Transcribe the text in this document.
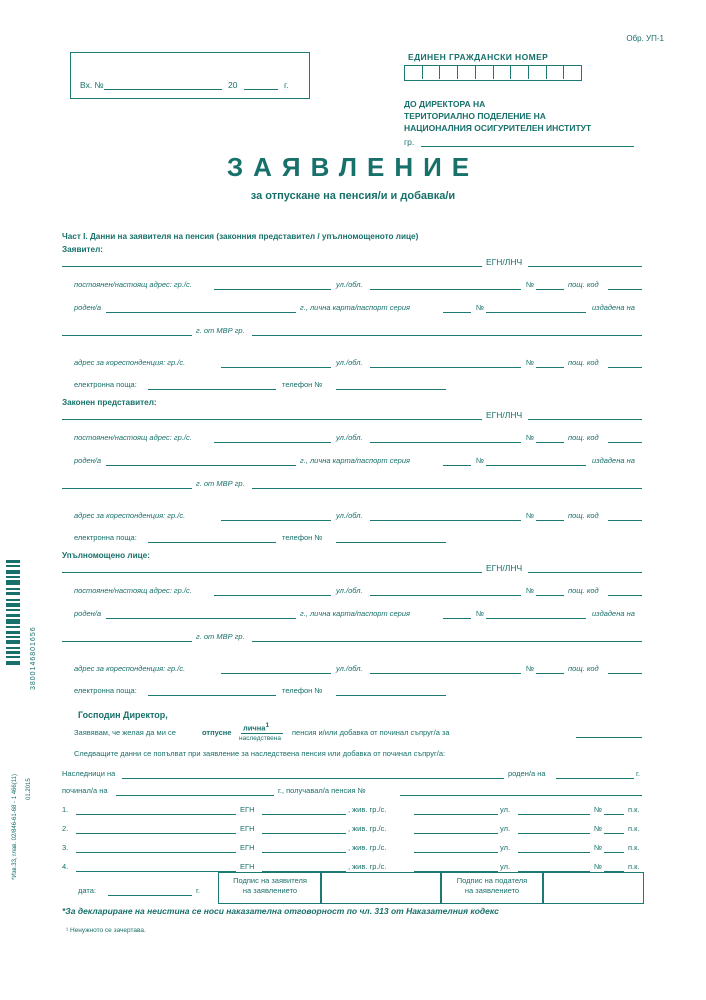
Обр. УП-1
Вх. №	20	г.
ЕДИНЕН ГРАЖДАНСКИ НОМЕР
ДО ДИРЕКТОРА НА
ТЕРИТОРИАЛНО ПОДЕЛЕНИЕ НА
НАЦИОНАЛНИЯ ОСИГУРИТЕЛЕН ИНСТИТУТ
гр.
ЗАЯВЛЕНИЕ
за отпускане на пенсия/и и добавка/и
Част I. Данни на заявителя на пенсия (законния представител / упълномощеното лице)
Заявител:
ЕГН/ЛНЧ
постоянен/настоящ адрес: гр./с.	ул./обл.	№	пощ. код
роден/а	г., лична карта/паспорт серия	№	издадена на
г. от МВР гр.
адрес за кореспонденция: гр./с.	ул./обл.	№	пощ. код
електронна поща:	телефон №
Законен представител:
ЕГН/ЛНЧ
постоянен/настоящ адрес: гр./с.	ул./обл.	№	пощ. код
роден/а	г., лична карта/паспорт серия	№	издадена на
г. от МВР гр.
адрес за кореспонденция: гр./с.	ул./обл.	№	пощ. код
електронна поща:	телефон №
Упълномощено лице:
ЕГН/ЛНЧ
постоянен/настоящ адрес: гр./с.	ул./обл.	№	пощ. код
роден/а	г., лична карта/паспорт серия	№	издадена на
г. от МВР гр.
адрес за кореспонденция: гр./с.	ул./обл.	№	пощ. код
електронна поща:	телефон №
Господин Директор,
Заявявам, че желая да ми се	отпусне лична$^1$
наследствена
пенсия и/или добавка от починал съпруг/а за
Следващите данни се попълват при заявление за наследствена пенсия или добавка от починал съпруг/а:
Наследници на	роден/а на	г.
починал/а на	г., получавал/а пенсия №
1.	ЕГН	, жив. гр./с.	ул.	№	п.к.
2.	ЕГН	, жив. гр./с.	ул.	№	п.к.
3.	ЕГН	, жив. гр./с.	ул.	№	п.к.
4.	ЕГН	, жив. гр./с.	ул.	№	п.к.
дата:	г.
Подпис на заявителя
на заявлението
Подпис на подателя
на заявлението
*За деклариране на неистина се носи наказателна отговорност по чл. 313 от Наказателния кодекс
¹ Ненужното се зачертава.
3800146801656
*Изв.33, глав. 02/846-61-68 - 1 466(11) 01.2015
